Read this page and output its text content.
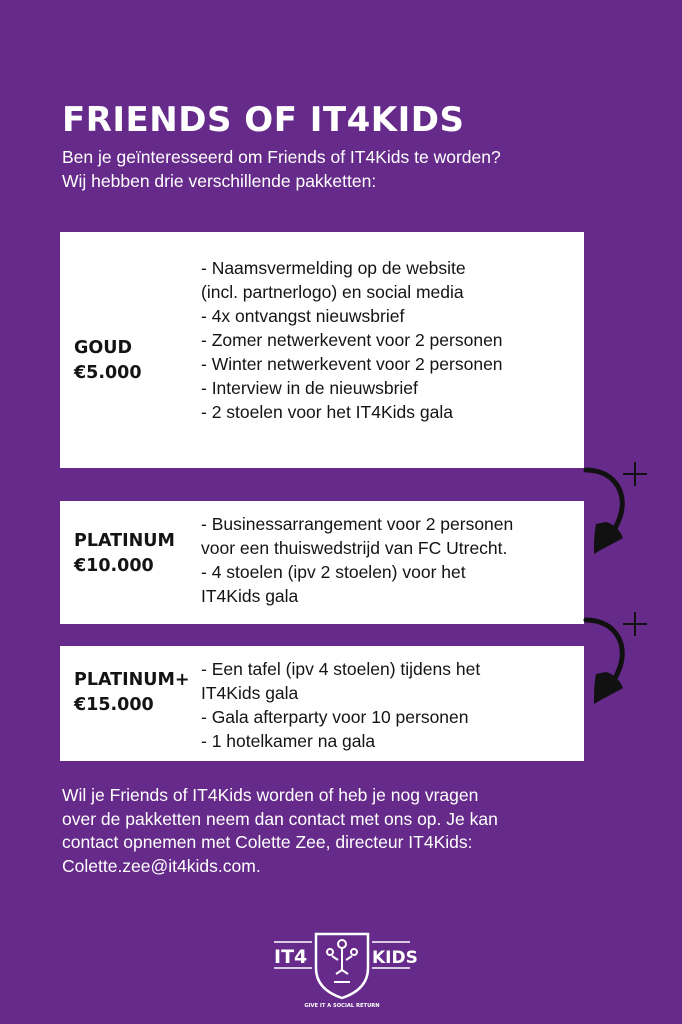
FRIENDS OF IT4KIDS
Ben je geïnteresseerd om Friends of IT4Kids te worden?
Wij hebben drie verschillende pakketten:
GOUD
€5.000
- Naamsvermelding op de website
(incl. partnerlogo) en social media
- 4x ontvangst nieuwsbrief
- Zomer netwerkevent voor 2 personen
- Winter netwerkevent voor 2 personen
- Interview in de nieuwsbrief
- 2 stoelen voor het IT4Kids gala
PLATINUM
€10.000
- Businessarrangement voor 2 personen
voor een thuiswedstrijd van FC Utrecht.
- 4 stoelen (ipv 2 stoelen) voor het
IT4Kids gala
PLATINUM+
€15.000
- Een tafel (ipv 4 stoelen) tijdens het
IT4Kids gala
- Gala afterparty voor 10 personen
- 1 hotelkamer na gala
Wil je Friends of IT4Kids worden of heb je nog vragen
over de pakketten neem dan contact met ons op. Je kan
contact opnemen met Colette Zee, directeur IT4Kids:
Colette.zee@it4kids.com.
IT4	KIDS
GIVE IT A SOCIAL RETURN
